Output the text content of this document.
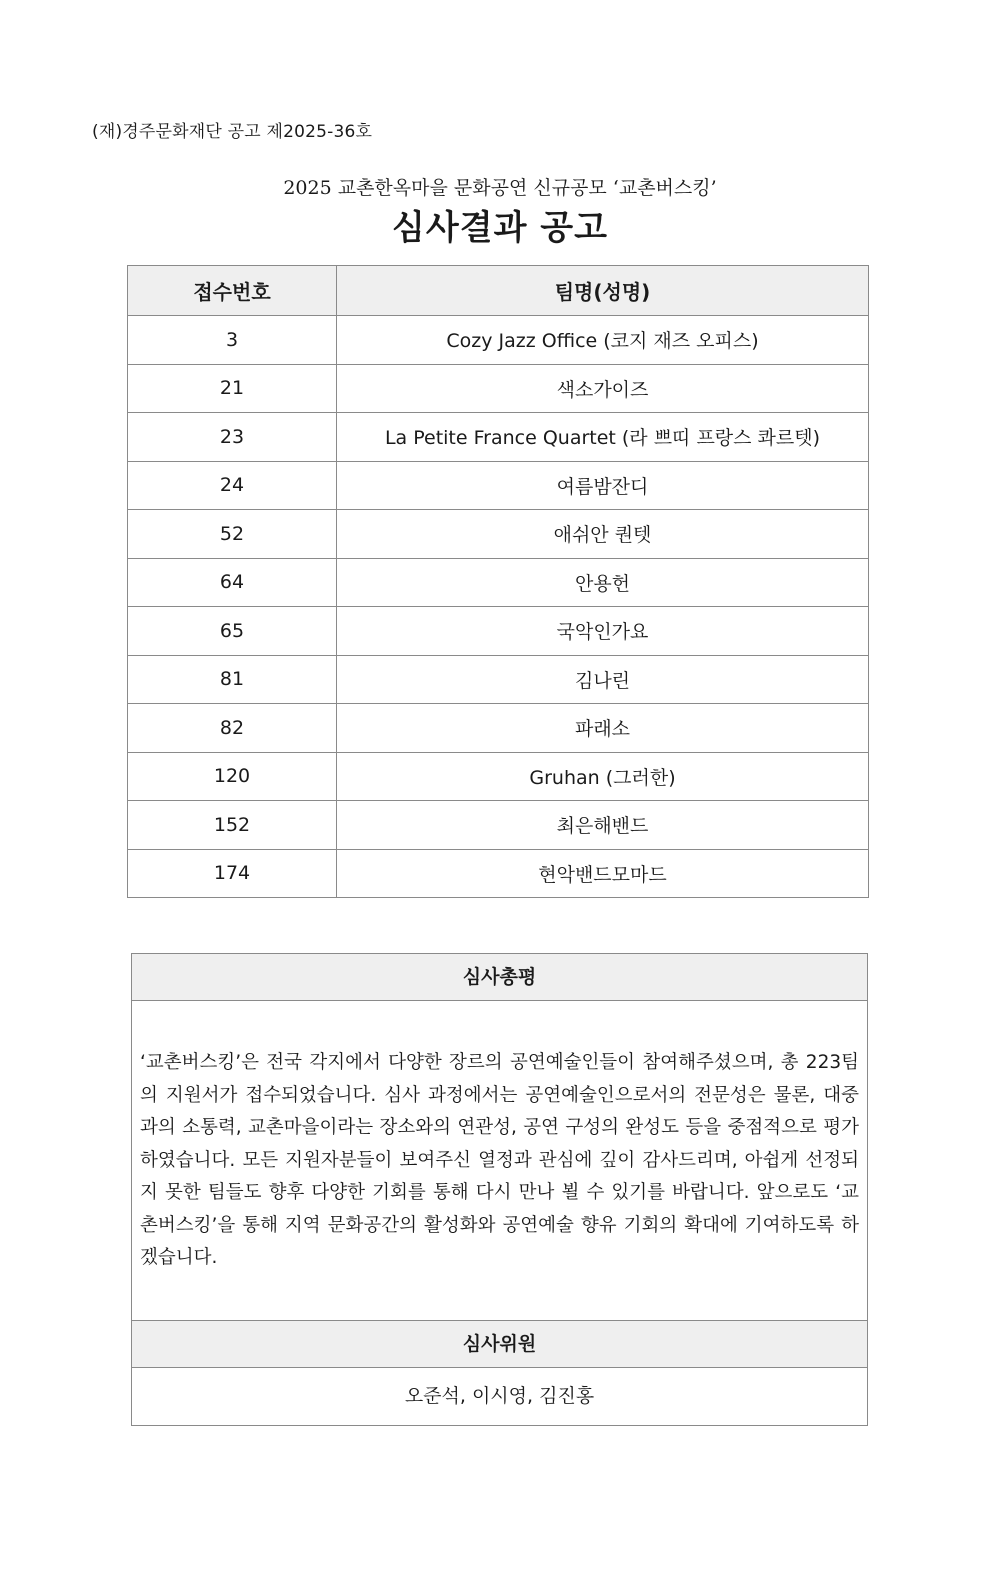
(재)경주문화재단 공고 제2025-36호
2025 교촌한옥마을 문화공연 신규공모 ‘교촌버스킹’
심사결과 공고
접수번호	팀명(성명)
3	Cozy Jazz Office (코지 재즈 오피스)
21	색소가이즈
23	La Petite France Quartet (라 쁘띠 프랑스 콰르텟)
24	여름밤잔디
52	애쉬안 퀀텟
64	안용헌
65	국악인가요
81	김나린
82	파래소
120	Gruhan (그러한)
152	최은해밴드
174	현악밴드모마드
심사총평
‘교촌버스킹’은 전국 각지에서 다양한 장르의 공연예술인들이 참여해주셨으며, 총 223팀의 지원서가 접수되었습니다. 심사 과정에서는 공연예술인으로서의 전문성은 물론, 대중과의 소통력, 교촌마을이라는 장소와의 연관성, 공연 구성의 완성도 등을 중점적으로 평가하였습니다. 모든 지원자분들이 보여주신 열정과 관심에 깊이 감사드리며, 아쉽게 선정되지 못한 팀들도 향후 다양한 기회를 통해 다시 만나 뵐 수 있기를 바랍니다. 앞으로도 ‘교촌버스킹’을 통해 지역 문화공간의 활성화와 공연예술 향유 기회의 확대에 기여하도록 하겠습니다.
심사위원
오준석, 이시영, 김진홍
